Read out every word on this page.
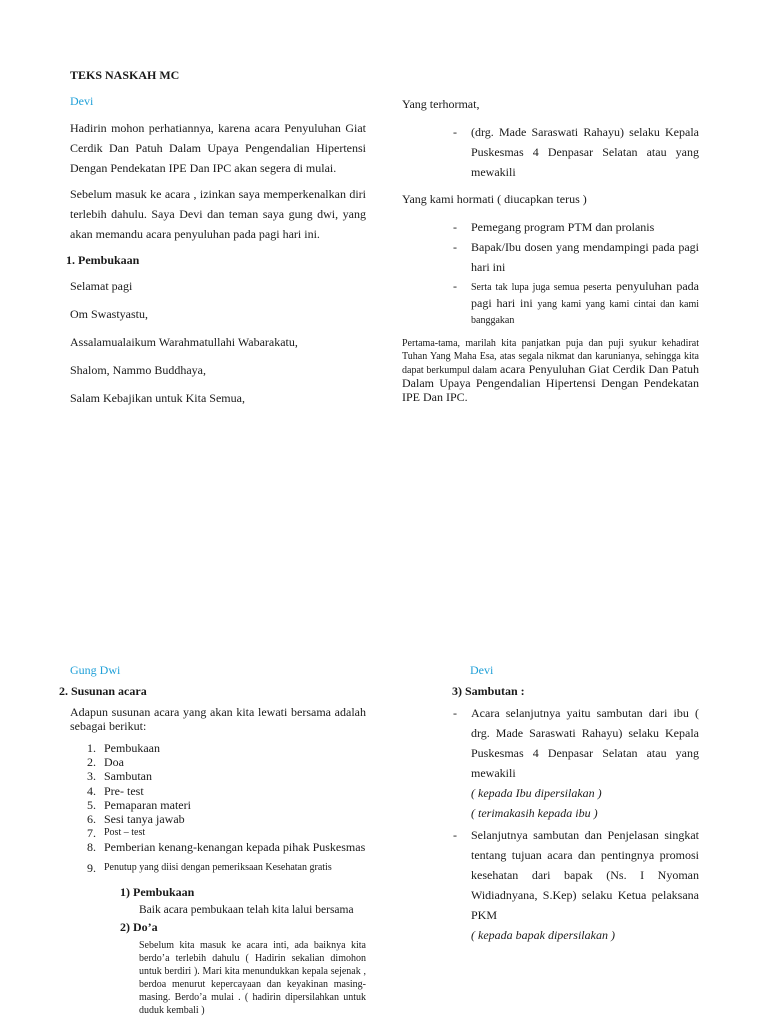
TEKS NASKAH MC

Devi

Hadirin mohon perhatiannya, karena acara Penyuluhan Giat Cerdik Dan Patuh Dalam Upaya Pengendalian Hipertensi Dengan Pendekatan IPE Dan IPC akan segera di mulai.

Sebelum masuk ke acara , izinkan saya memperkenalkan diri terlebih dahulu. Saya Devi dan teman saya gung dwi, yang akan memandu acara penyuluhan pada pagi hari ini.

1. Pembukaan

Selamat pagi

Om Swastyastu,

Assalamualaikum Warahmatullahi Wabarakatu,

Shalom, Nammo Buddhaya,

Salam Kebajikan untuk Kita Semua,

Yang terhormat,

- (drg. Made Saraswati Rahayu) selaku Kepala Puskesmas 4 Denpasar Selatan atau yang mewakili

Yang kami hormati ( diucapkan terus )

- Pemegang program PTM dan prolanis
- Bapak/Ibu dosen yang mendampingi pada pagi hari ini
- Serta tak lupa juga semua peserta penyuluhan pada pagi hari ini yang kami yang kami cintai dan kami banggakan

Pertama-tama, marilah kita panjatkan puja dan puji syukur kehadirat Tuhan Yang Maha Esa, atas segala nikmat dan karunianya, sehingga kita dapat berkumpul dalam acara Penyuluhan Giat Cerdik Dan Patuh Dalam Upaya Pengendalian Hipertensi Dengan Pendekatan IPE Dan IPC.

Gung Dwi

2. Susunan acara

Adapun susunan acara yang akan kita lewati bersama adalah sebagai berikut:

1. Pembukaan
2. Doa
3. Sambutan
4. Pre- test
5. Pemaparan materi
6. Sesi tanya jawab
7. Post – test
8. Pemberian kenang-kenangan kepada pihak Puskesmas
9. Penutup yang diisi dengan pemeriksaan Kesehatan gratis

1) Pembukaan

Baik acara pembukaan telah kita lalui bersama

2) Do’a

Sebelum kita masuk ke acara inti, ada baiknya kita berdo’a terlebih dahulu ( Hadirin sekalian dimohon untuk berdiri ). Mari kita menundukkan kepala sejenak , berdoa menurut kepercayaan dan keyakinan masing-masing. Berdo’a mulai . ( hadirin dipersilahkan untuk duduk kembali )

Devi

3) Sambutan :

- Acara selanjutnya yaitu sambutan dari ibu ( drg. Made Saraswati Rahayu) selaku Kepala Puskesmas 4 Denpasar Selatan atau yang mewakili

( kepada Ibu dipersilakan )

( terimakasih kepada ibu )

- Selanjutnya sambutan dan Penjelasan singkat tentang tujuan acara dan pentingnya promosi kesehatan dari bapak (Ns. I Nyoman Widiadnyana, S.Kep) selaku Ketua pelaksana PKM

( kepada bapak dipersilakan )
